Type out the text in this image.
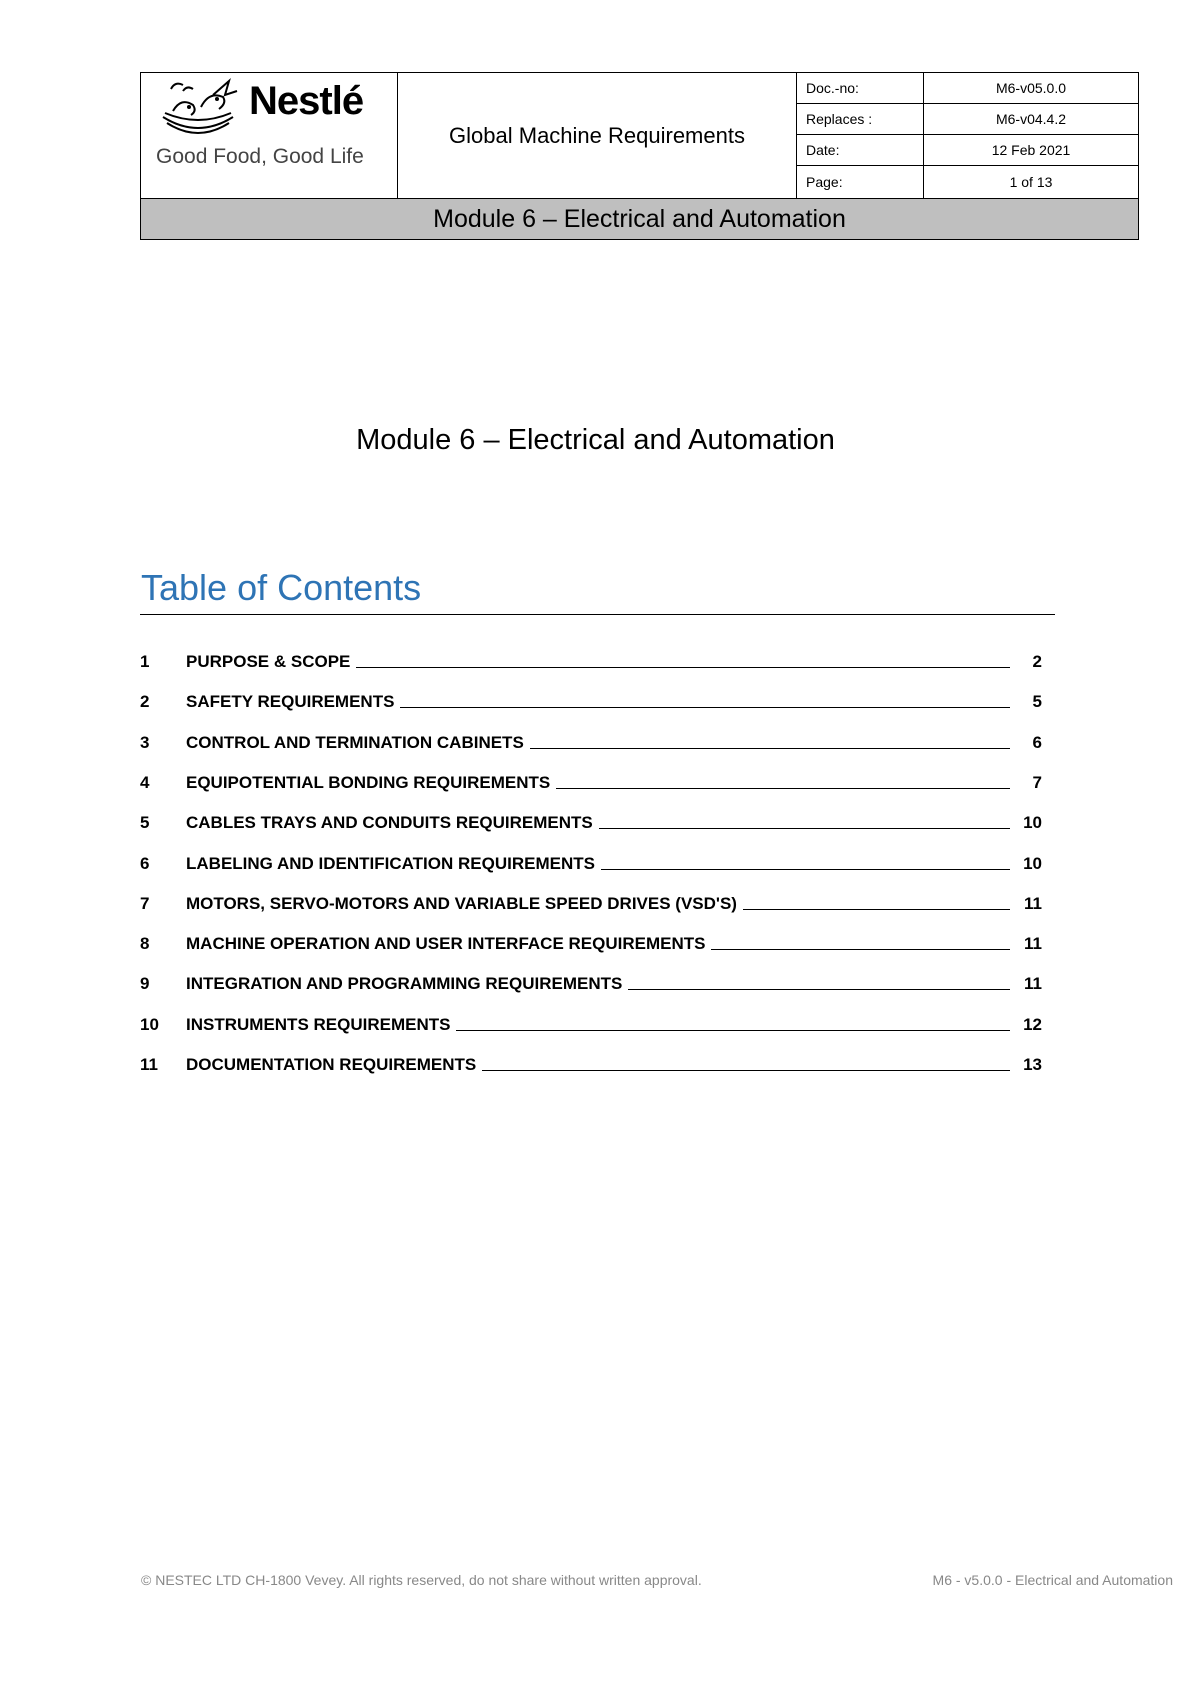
Nestlé
Good Food, Good Life
Global Machine Requirements
Doc.-no:	M6-v05.0.0
Replaces :	M6-v04.4.2
Date:	12 Feb 2021
Page:	1 of 13
Module 6 – Electrical and Automation
Module 6 – Electrical and Automation
Table of Contents
1	PURPOSE & SCOPE	2
2	SAFETY REQUIREMENTS	5
3	CONTROL AND TERMINATION CABINETS	6
4	EQUIPOTENTIAL BONDING REQUIREMENTS	7
5	CABLES TRAYS AND CONDUITS REQUIREMENTS	10
6	LABELING AND IDENTIFICATION REQUIREMENTS	10
7	MOTORS, SERVO-MOTORS AND VARIABLE SPEED DRIVES (VSD'S)	11
8	MACHINE OPERATION AND USER INTERFACE REQUIREMENTS	11
9	INTEGRATION AND PROGRAMMING REQUIREMENTS	11
10	INSTRUMENTS REQUIREMENTS	12
11	DOCUMENTATION REQUIREMENTS	13
© NESTEC LTD CH-1800 Vevey. All rights reserved, do not share without written approval.	M6 - v5.0.0 - Electrical and Automation
